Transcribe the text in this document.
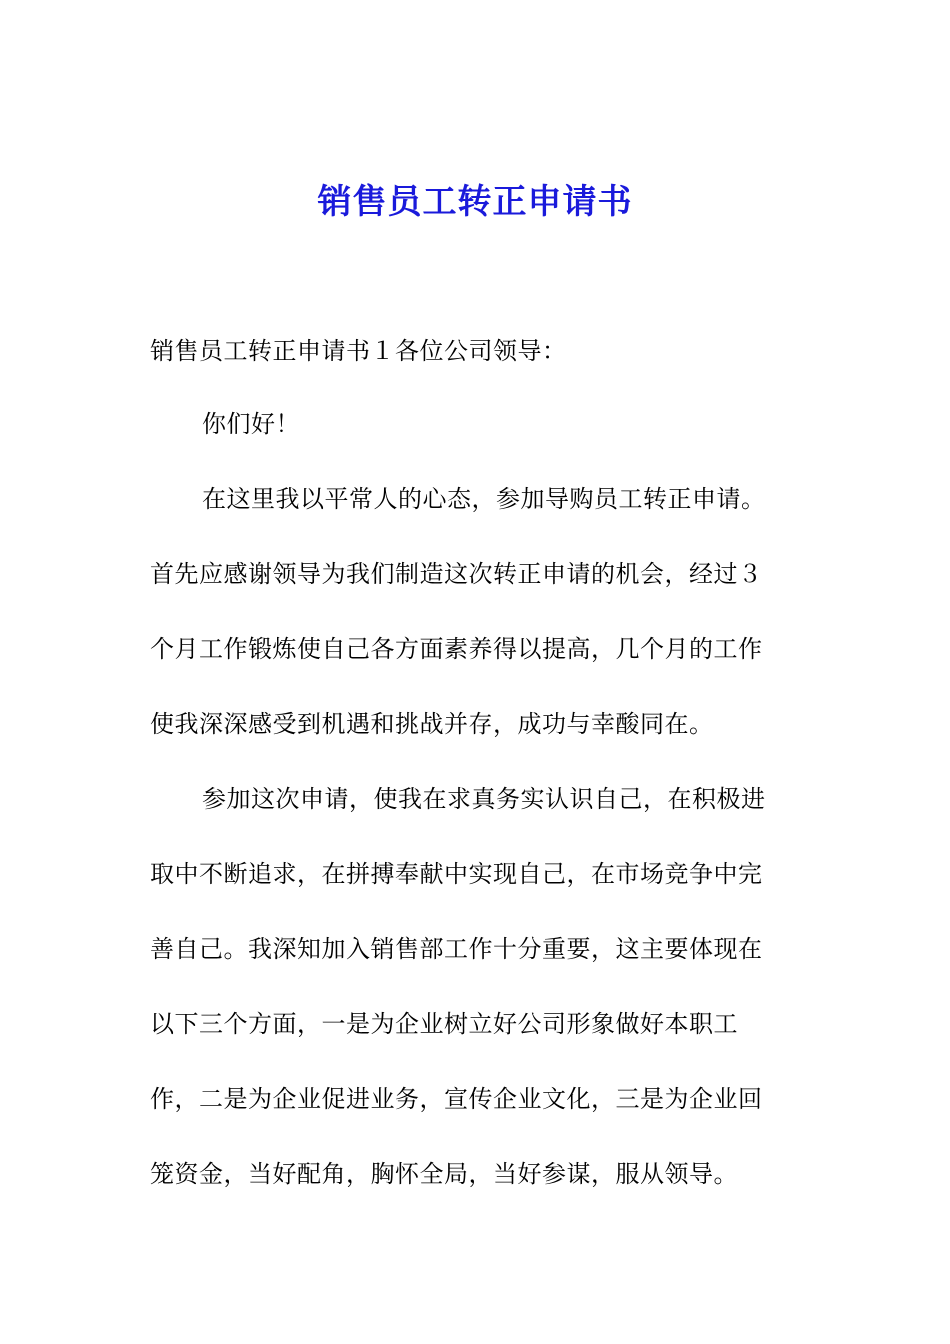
销售员工转正申请书
销售员工转正申请书１各位公司领导：
你们好！
在这里我以平常人的心态，参加导购员工转正申请。
首先应感谢领导为我们制造这次转正申请的机会，经过３
个月工作锻炼使自己各方面素养得以提高，几个月的工作
使我深深感受到机遇和挑战并存，成功与幸酸同在。
参加这次申请，使我在求真务实认识自己，在积极进
取中不断追求，在拼搏奉献中实现自己，在市场竞争中完
善自己。我深知加入销售部工作十分重要，这主要体现在
以下三个方面，一是为企业树立好公司形象做好本职工
作，二是为企业促进业务，宣传企业文化，三是为企业回
笼资金，当好配角，胸怀全局，当好参谋，服从领导。
